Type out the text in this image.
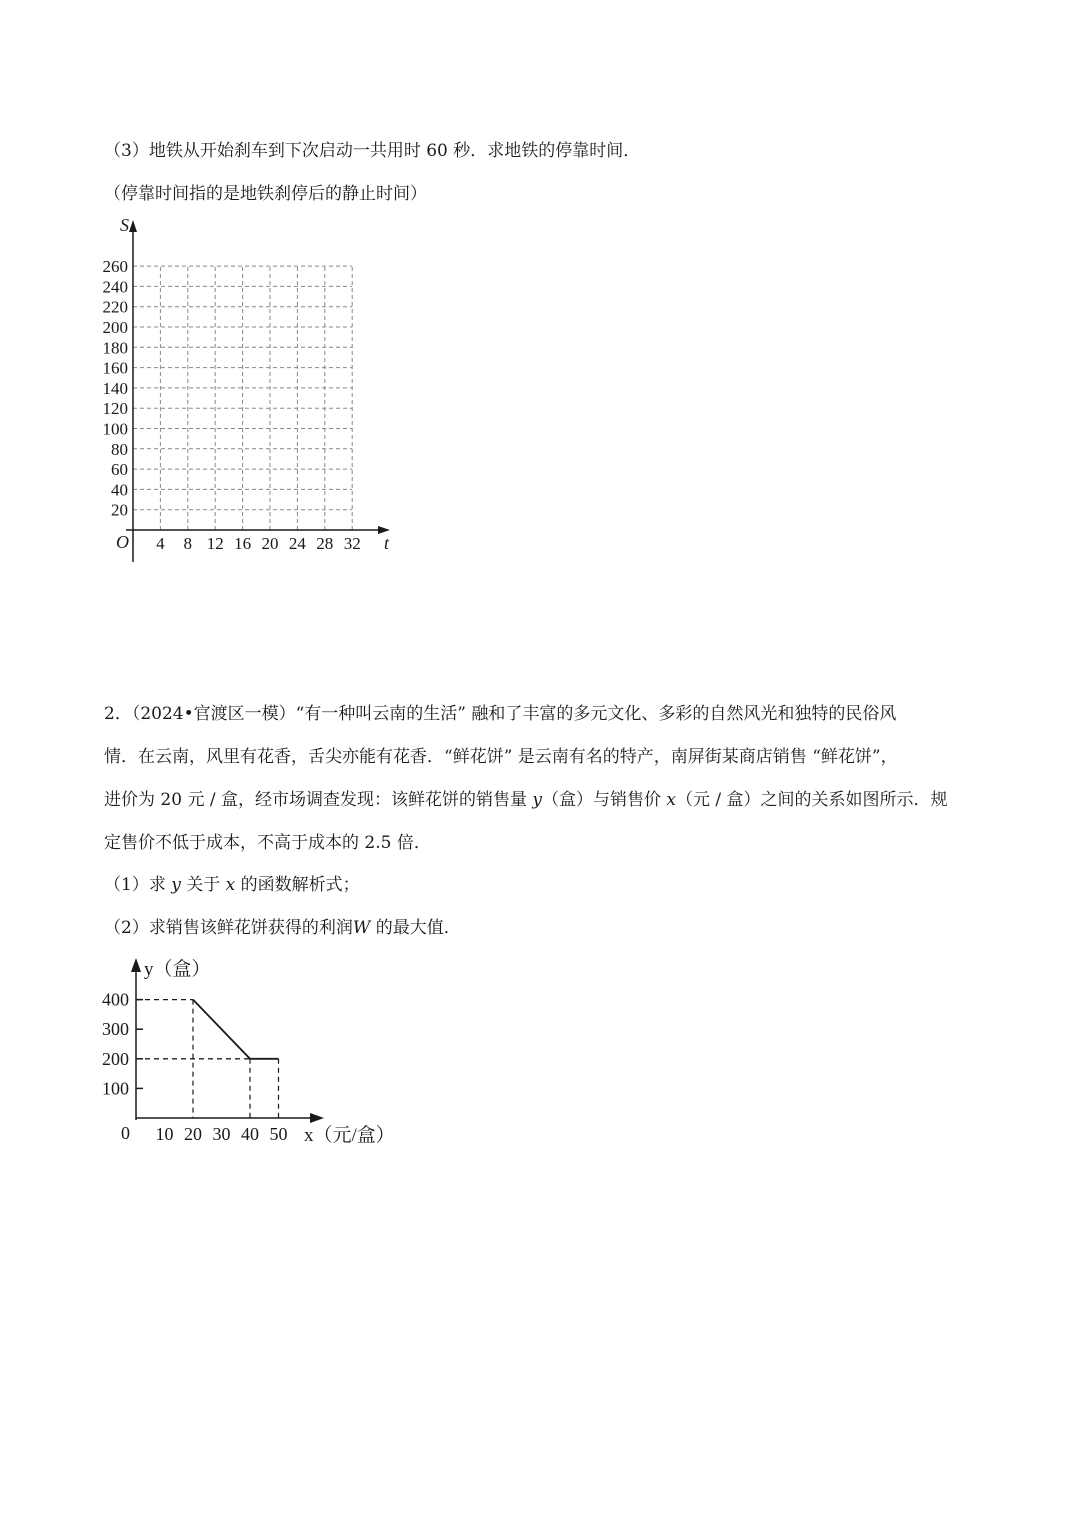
（3）地铁从开始刹车到下次启动一共用时 60 秒．求地铁的停靠时间．
（停靠时间指的是地铁刹停后的静止时间）
S
t
O
20
40
60
80
100
120
140
160
180
200
220
240
260
4 8 12 16 20 24 28 32
2．（2024•官渡区一模）“有一种叫云南的生活” 融和了丰富的多元文化、多彩的自然风光和独特的民俗风
情．在云南，风里有花香，舌尖亦能有花香．“鲜花饼” 是云南有名的特产，南屏街某商店销售 “鲜花饼”，
进价为 20 元 / 盒，经市场调查发现：该鲜花饼的销售量 y（盒）与销售价 x（元 / 盒）之间的关系如图所示．规
定售价不低于成本，不高于成本的 2.5 倍．
（1）求 y 关于 x 的函数解析式；
（2）求销售该鲜花饼获得的利润W 的最大值．
100
200
300
400
10 20 30 40 50
y（盒）
x（元/盒）
0
